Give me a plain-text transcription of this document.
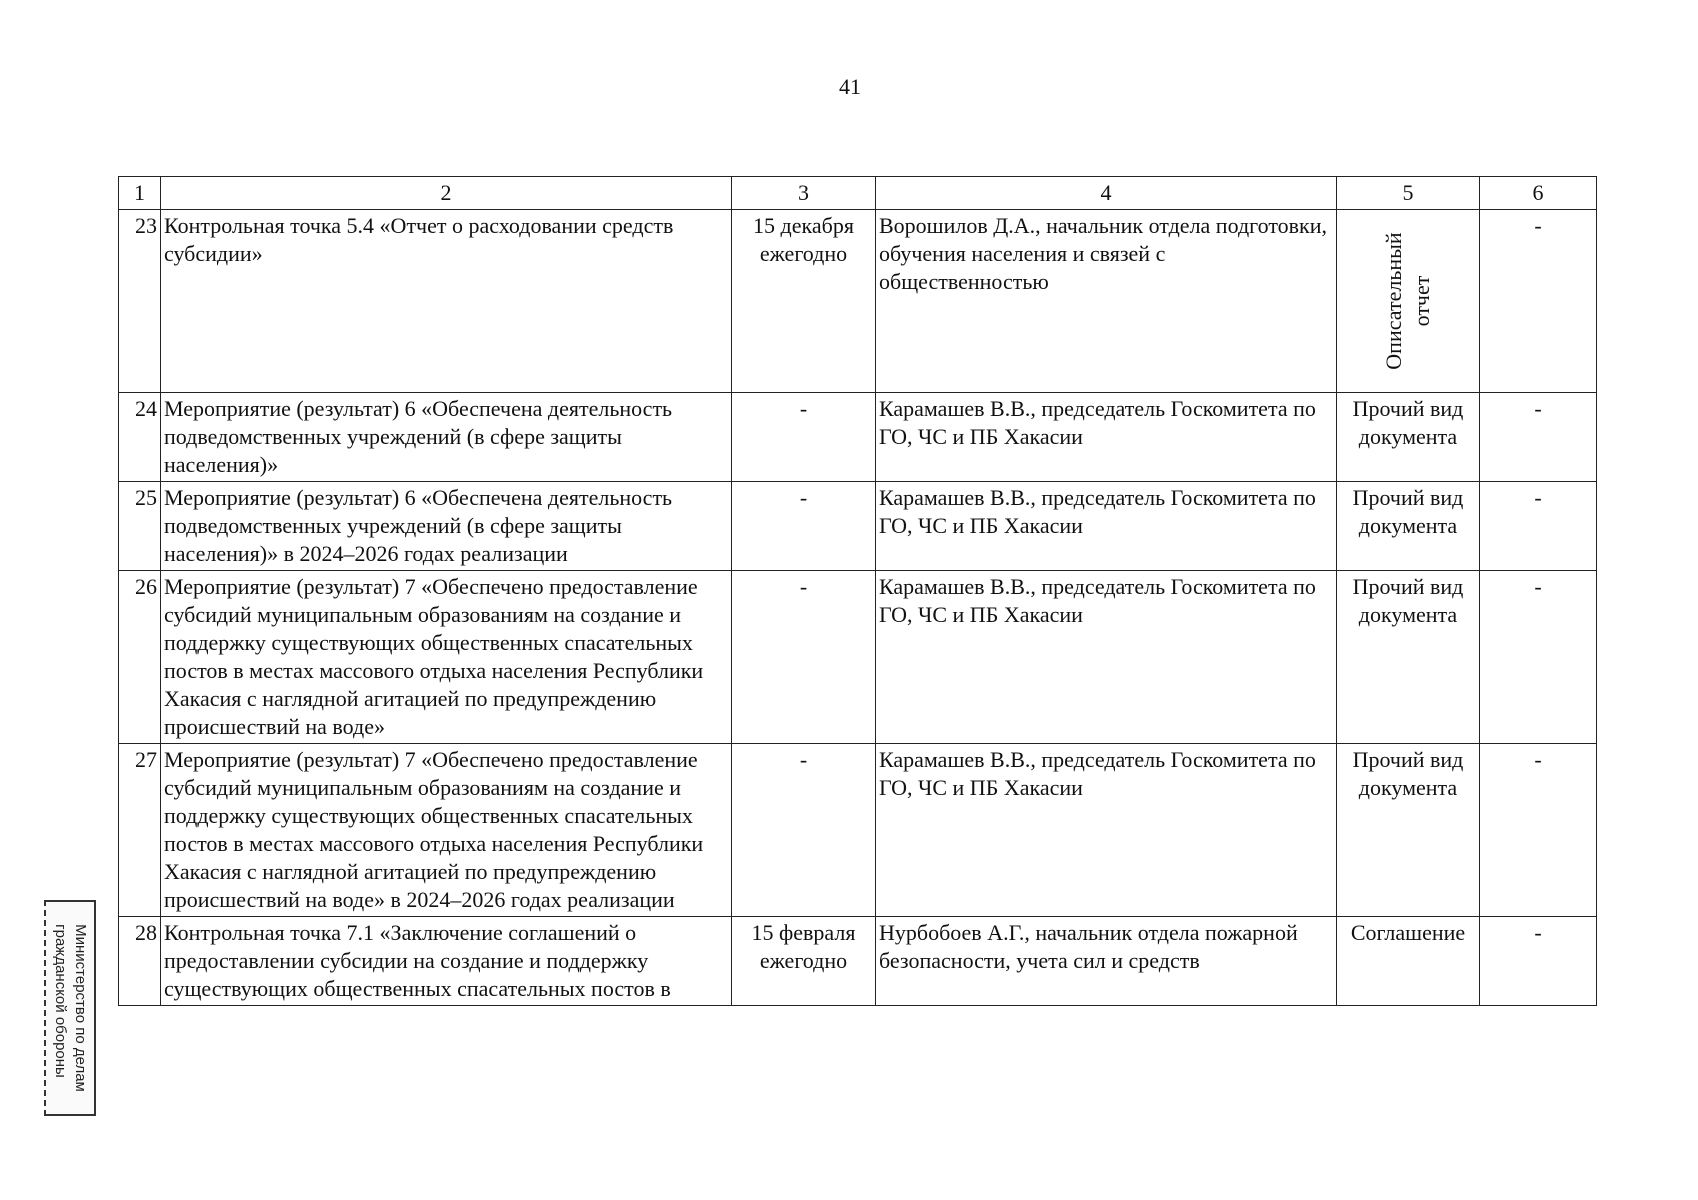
41
1	2	3	4	5	6
23	Контрольная точка 5.4 «Отчет о расходовании средств субсидии»	15 декабря ежегодно	Ворошилов Д.А., начальник отдела подготовки, обучения населения и связей с общественностью	Описательный отчет	-
24	Мероприятие (результат) 6 «Обеспечена деятельность подведомственных учреждений (в сфере защиты населения)»	-	Карамашев В.В., председатель Госкомитета по ГО, ЧС и ПБ Хакасии	Прочий вид документа	-
25	Мероприятие (результат) 6 «Обеспечена деятельность подведомственных учреждений (в сфере защиты населения)» в 2024–2026 годах реализации	-	Карамашев В.В., председатель Госкомитета по ГО, ЧС и ПБ Хакасии	Прочий вид документа	-
26	Мероприятие (результат) 7 «Обеспечено предоставление субсидий муниципальным образованиям на создание и поддержку существующих общественных спасательных постов в местах массового отдыха населения Республики Хакасия с наглядной агитацией по предупреждению происшествий на воде»	-	Карамашев В.В., председатель Госкомитета по ГО, ЧС и ПБ Хакасии	Прочий вид документа	-
27	Мероприятие (результат) 7 «Обеспечено предоставление субсидий муниципальным образованиям на создание и поддержку существующих общественных спасательных постов в местах массового отдыха населения Республики Хакасия с наглядной агитацией по предупреждению происшествий на воде» в 2024–2026 годах реализации	-	Карамашев В.В., председатель Госкомитета по ГО, ЧС и ПБ Хакасии	Прочий вид документа	-
28	Контрольная точка 7.1 «Заключение соглашений о предоставлении субсидии на создание и поддержку существующих общественных спасательных постов в	15 февраля ежегодно	Нурбобоев А.Г., начальник отдела пожарной безопасности, учета сил и средств	Соглашение	-
Министерство по делам
гражданской обороны
